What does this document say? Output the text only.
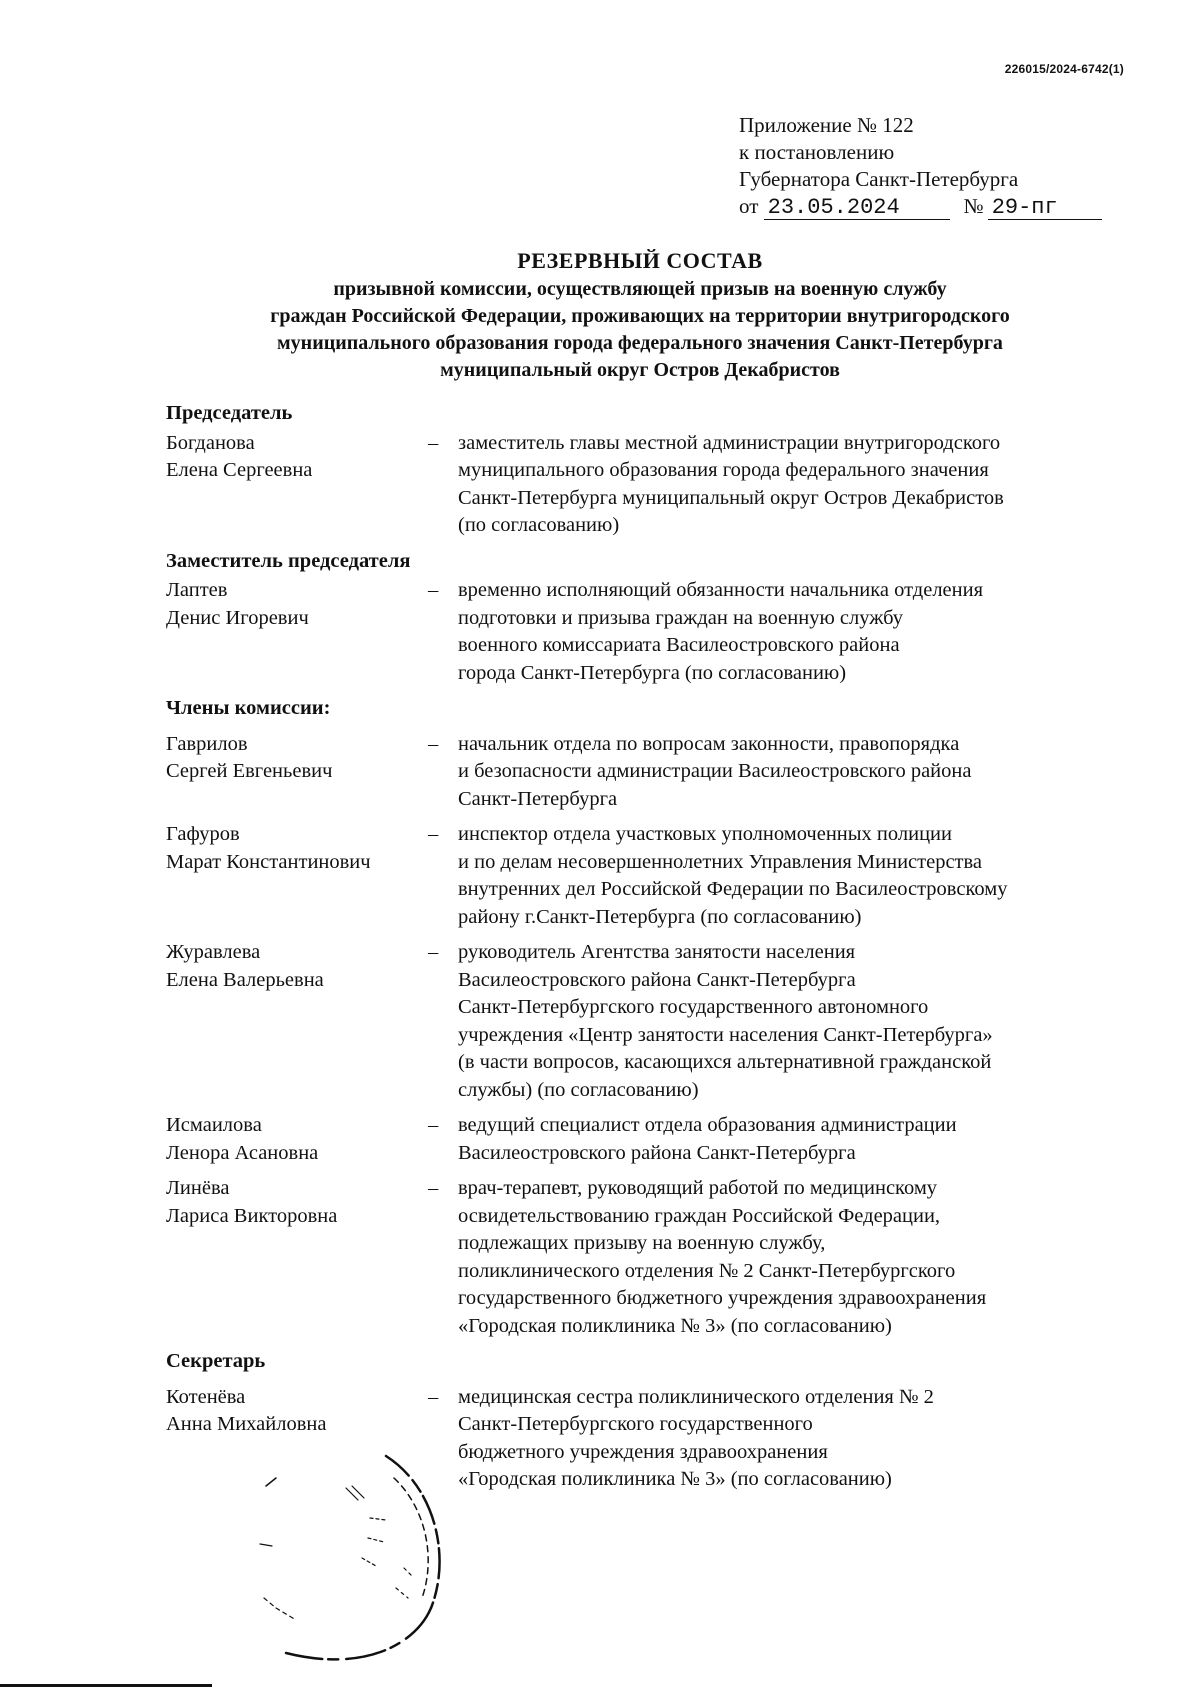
226015/2024-6742(1)
Приложение № 122
к постановлению
Губернатора Санкт-Петербурга
от 23.05.2024	№ 29-пг
РЕЗЕРВНЫЙ СОСТАВ
призывной комиссии, осуществляющей призыв на военную службу
граждан Российской Федерации, проживающих на территории внутригородского
муниципального образования города федерального значения Санкт-Петербурга
муниципальный округ Остров Декабристов
Председатель
Богданова
Елена Сергеевна
– заместитель главы местной администрации внутригородского
муниципального образования города федерального значения
Санкт-Петербурга муниципальный округ Остров Декабристов
(по согласованию)
Заместитель председателя
Лаптев
Денис Игоревич
– временно исполняющий обязанности начальника отделения
подготовки и призыва граждан на военную службу
военного комиссариата Василеостровского района
города Санкт-Петербурга (по согласованию)
Члены комиссии:
Гаврилов
Сергей Евгеньевич
– начальник отдела по вопросам законности, правопорядка
и безопасности администрации Василеостровского района
Санкт-Петербурга
Гафуров
Марат Константинович
– инспектор отдела участковых уполномоченных полиции
и по делам несовершеннолетних Управления Министерства
внутренних дел Российской Федерации по Василеостровскому
району г.Санкт-Петербурга (по согласованию)
Журавлева
Елена Валерьевна
– руководитель Агентства занятости населения
Василеостровского района Санкт-Петербурга
Санкт-Петербургского государственного автономного
учреждения «Центр занятости населения Санкт-Петербурга»
(в части вопросов, касающихся альтернативной гражданской
службы) (по согласованию)
Исмаилова
Ленора Асановна
– ведущий специалист отдела образования администрации
Василеостровского района Санкт-Петербурга
Линёва
Лариса Викторовна
– врач-терапевт, руководящий работой по медицинскому
освидетельствованию граждан Российской Федерации,
подлежащих призыву на военную службу,
поликлинического отделения № 2 Санкт-Петербургского
государственного бюджетного учреждения здравоохранения
«Городская поликлиника № 3» (по согласованию)
Секретарь
Котенёва
Анна Михайловна
– медицинская сестра поликлинического отделения № 2
Санкт-Петербургского государственного
бюджетного учреждения здравоохранения
«Городская поликлиника № 3» (по согласованию)
